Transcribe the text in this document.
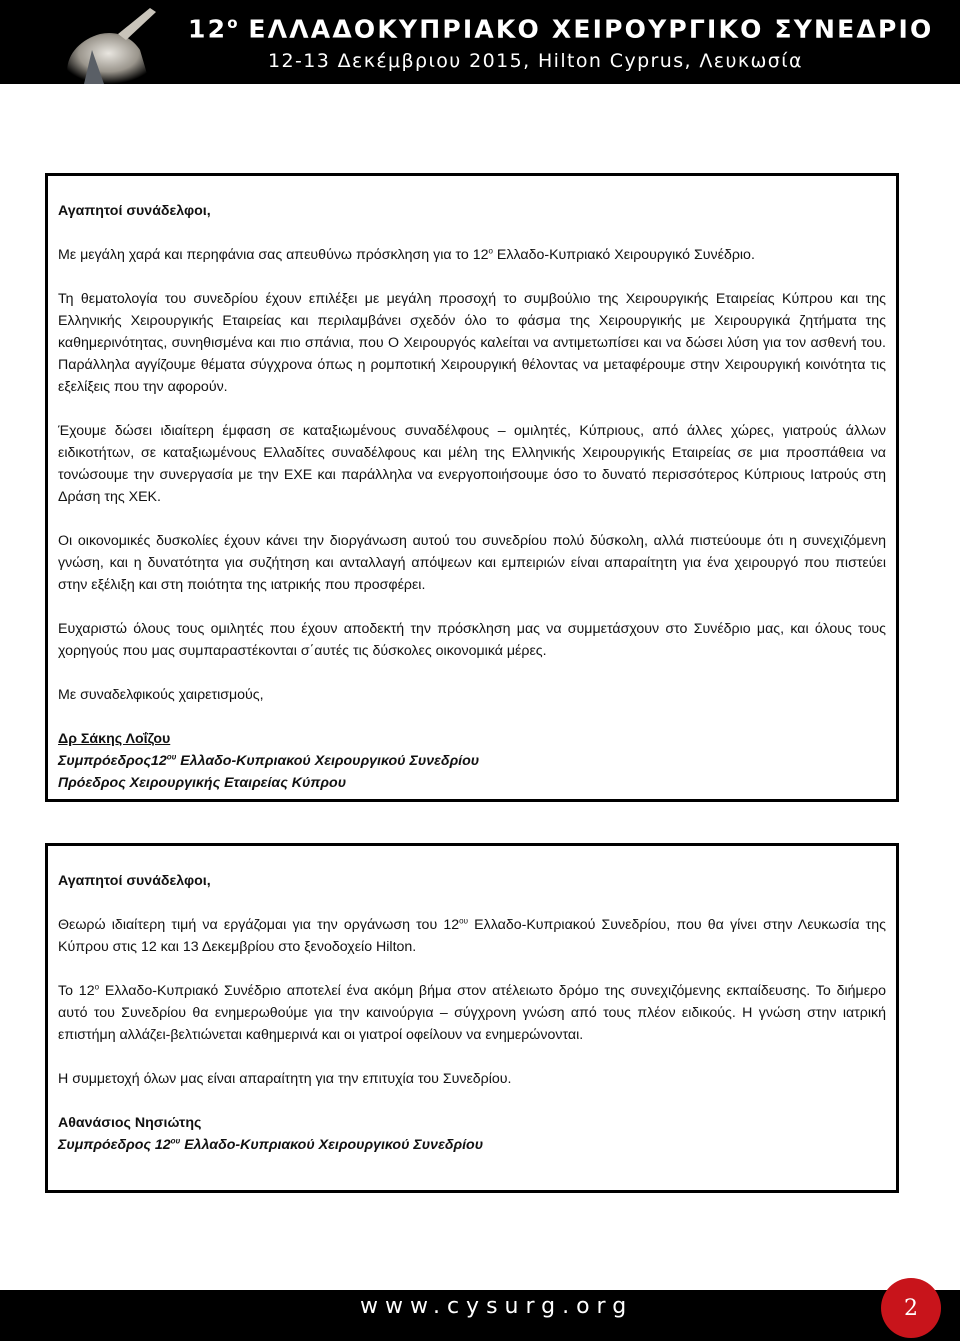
$12^o$ ΕΛΛΑΔΟΚΥΠΡΙΑΚΟ ΧΕΙΡΟΥΡΓΙΚΟ ΣΥΝΕΔΡΙΟ
12-13 Δεκέμβριου 2015, Hilton Cyprus, Λευκωσία

Αγαπητοί συνάδελφοι,

Με μεγάλη χαρά και περηφάνια σας απευθύνω πρόσκληση για το $12^o$ Ελλαδο-Κυπριακό Χειρουργικό Συνέδριο.

Τη θεματολογία του συνεδρίου έχουν επιλέξει με μεγάλη προσοχή το συμβούλιο της Χειρουργικής Εταιρείας Κύπρου και της Ελληνικής Χειρουργικής Εταιρείας και περιλαμβάνει σχεδόν όλο το φάσμα της Χειρουργικής με Χειρουργικά ζητήματα της καθημερινότητας, συνηθισμένα και πιο σπάνια, που Ο Χειρουργός καλείται να αντιμετωπίσει και να δώσει λύση για τον ασθενή του. Παράλληλα αγγίζουμε θέματα σύγχρονα όπως η ρομποτική Χειρουργική θέλοντας να μεταφέρουμε στην Χειρουργική κοινότητα τις εξελίξεις που την αφορούν.

Έχουμε δώσει ιδιαίτερη έμφαση σε καταξιωμένους συναδέλφους – ομιλητές, Κύπριους, από άλλες χώρες, γιατρούς άλλων ειδικοτήτων, σε καταξιωμένους Ελλαδίτες συναδέλφους και μέλη της Ελληνικής Χειρουργικής Εταιρείας σε μια προσπάθεια να τονώσουμε την συνεργασία με την ΕΧΕ και παράλληλα να ενεργοποιήσουμε όσο το δυνατό περισσότερος Κύπριους Ιατρούς στη Δράση της ΧΕΚ.

Οι οικονομικές δυσκολίες έχουν κάνει την διοργάνωση αυτού του συνεδρίου πολύ δύσκολη, αλλά πιστεύουμε ότι η συνεχιζόμενη γνώση, και η δυνατότητα για συζήτηση και ανταλλαγή απόψεων και εμπειριών είναι απαραίτητη για ένα χειρουργό που πιστεύει στην εξέλιξη και στη ποιότητα της ιατρικής που προσφέρει.

Ευχαριστώ όλους τους ομιλητές που έχουν αποδεκτή την πρόσκληση μας να συμμετάσχουν στο Συνέδριο μας, και όλους τους χορηγούς που μας συμπαραστέκονται σ΄αυτές τις δύσκολες οικονομικά μέρες.

Με συναδελφικούς χαιρετισμούς,

Δρ Σάκης Λοΐζου
$\Sigma\upsilon\mu\pi\rho ό\varepsilon\delta\rho o\varsigma 12^{o\upsilon}$ Ελλαδο-Κυπριακού Χειρουργικού Συνεδρίου
Πρόεδρος Χειρουργικής Εταιρείας Κύπρου

Αγαπητοί συνάδελφοι,

Θεωρώ ιδιαίτερη τιμή να εργάζομαι για την οργάνωση του $12^{o\upsilon}$ Ελλαδο-Κυπριακού Συνεδρίου, που θα γίνει στην Λευκωσία της Κύπρου στις 12 και 13 Δεκεμβρίου στο ξενοδοχείο Hilton.

Το $12^o$ Ελλαδο-Κυπριακό Συνέδριο αποτελεί ένα ακόμη βήμα στον ατέλειωτο δρόμο της συνεχιζόμενης εκπαίδευσης. Το διήμερο αυτό του Συνεδρίου θα ενημερωθούμε για την καινούργια – σύγχρονη γνώση από τους πλέον ειδικούς. Η γνώση στην ιατρική επιστήμη αλλάζει-βελτιώνεται καθημερινά και οι γιατροί οφείλουν να ενημερώνονται.

Η συμμετοχή όλων μας είναι απαραίτητη για την επιτυχία του Συνεδρίου.

Αθανάσιος Νησιώτης
Συμπρόεδρος $12^{o\upsilon}$ Ελλαδο-Κυπριακού Χειρουργικού Συνεδρίου
www.cysurg.org	2
